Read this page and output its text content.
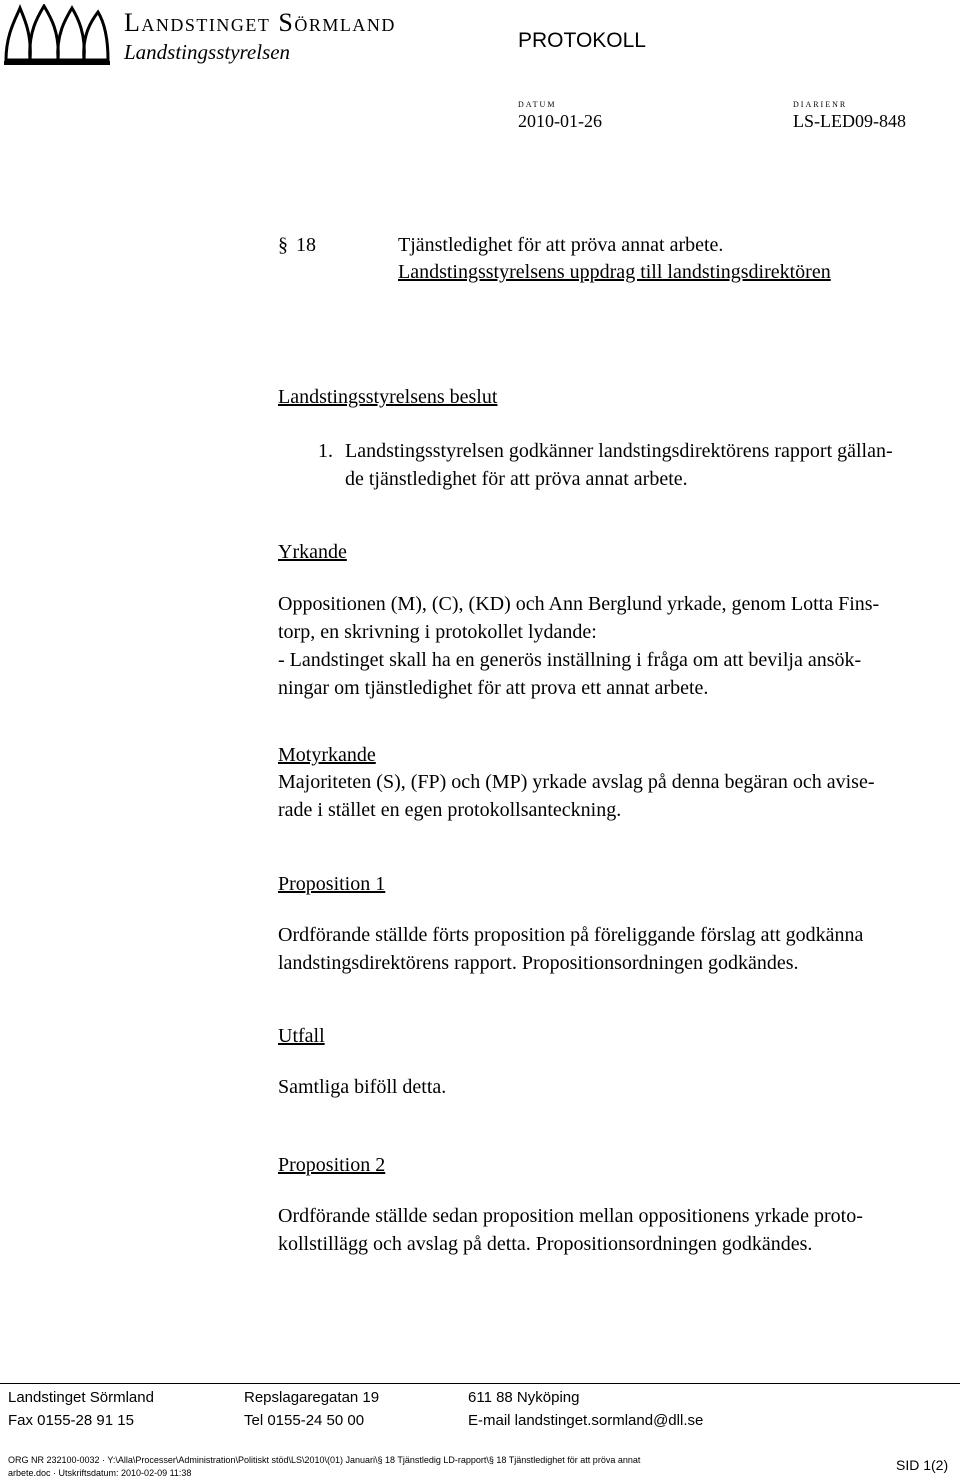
Landstinget Sörmland
Landstingsstyrelsen	PROTOKOLL
DATUM
2010-01-26
DIARIENR
LS-LED09-848
§ 18	Tjänstledighet för att pröva annat arbete.
Landstingsstyrelsens uppdrag till landstingsdirektören
Landstingsstyrelsens beslut
1. Landstingsstyrelsen godkänner landstingsdirektörens rapport gällan-
de tjänstledighet för att pröva annat arbete.
Yrkande
Oppositionen (M), (C), (KD) och Ann Berglund yrkade, genom Lotta Fins-
torp, en skrivning i protokollet lydande:
- Landstinget skall ha en generös inställning i fråga om att bevilja ansök-
ningar om tjänstledighet för att prova ett annat arbete.
Motyrkande
Majoriteten (S), (FP) och (MP) yrkade avslag på denna begäran och avise-
rade i stället en egen protokollsanteckning.
Proposition 1
Ordförande ställde förts proposition på föreliggande förslag att godkänna
landstingsdirektörens rapport. Propositionsordningen godkändes.
Utfall
Samtliga biföll detta.
Proposition 2
Ordförande ställde sedan proposition mellan oppositionens yrkade proto-
kollstillägg och avslag på detta. Propositionsordningen godkändes.
Landstinget Sörmland	Repslagaregatan 19	611 88 Nyköping
Fax 0155-28 91 15	Tel 0155-24 50 00	E-mail landstinget.sormland@dll.se
ORG NR 232100-0032 · Y:\Alla\Processer\Administration\Politiskt stöd\LS\2010\(01) Januari\§ 18 Tjänstledig LD-rapport\§ 18 Tjänstledighet för att pröva annat
arbete.doc · Utskriftsdatum: 2010-02-09 11:38	SID 1(2)
